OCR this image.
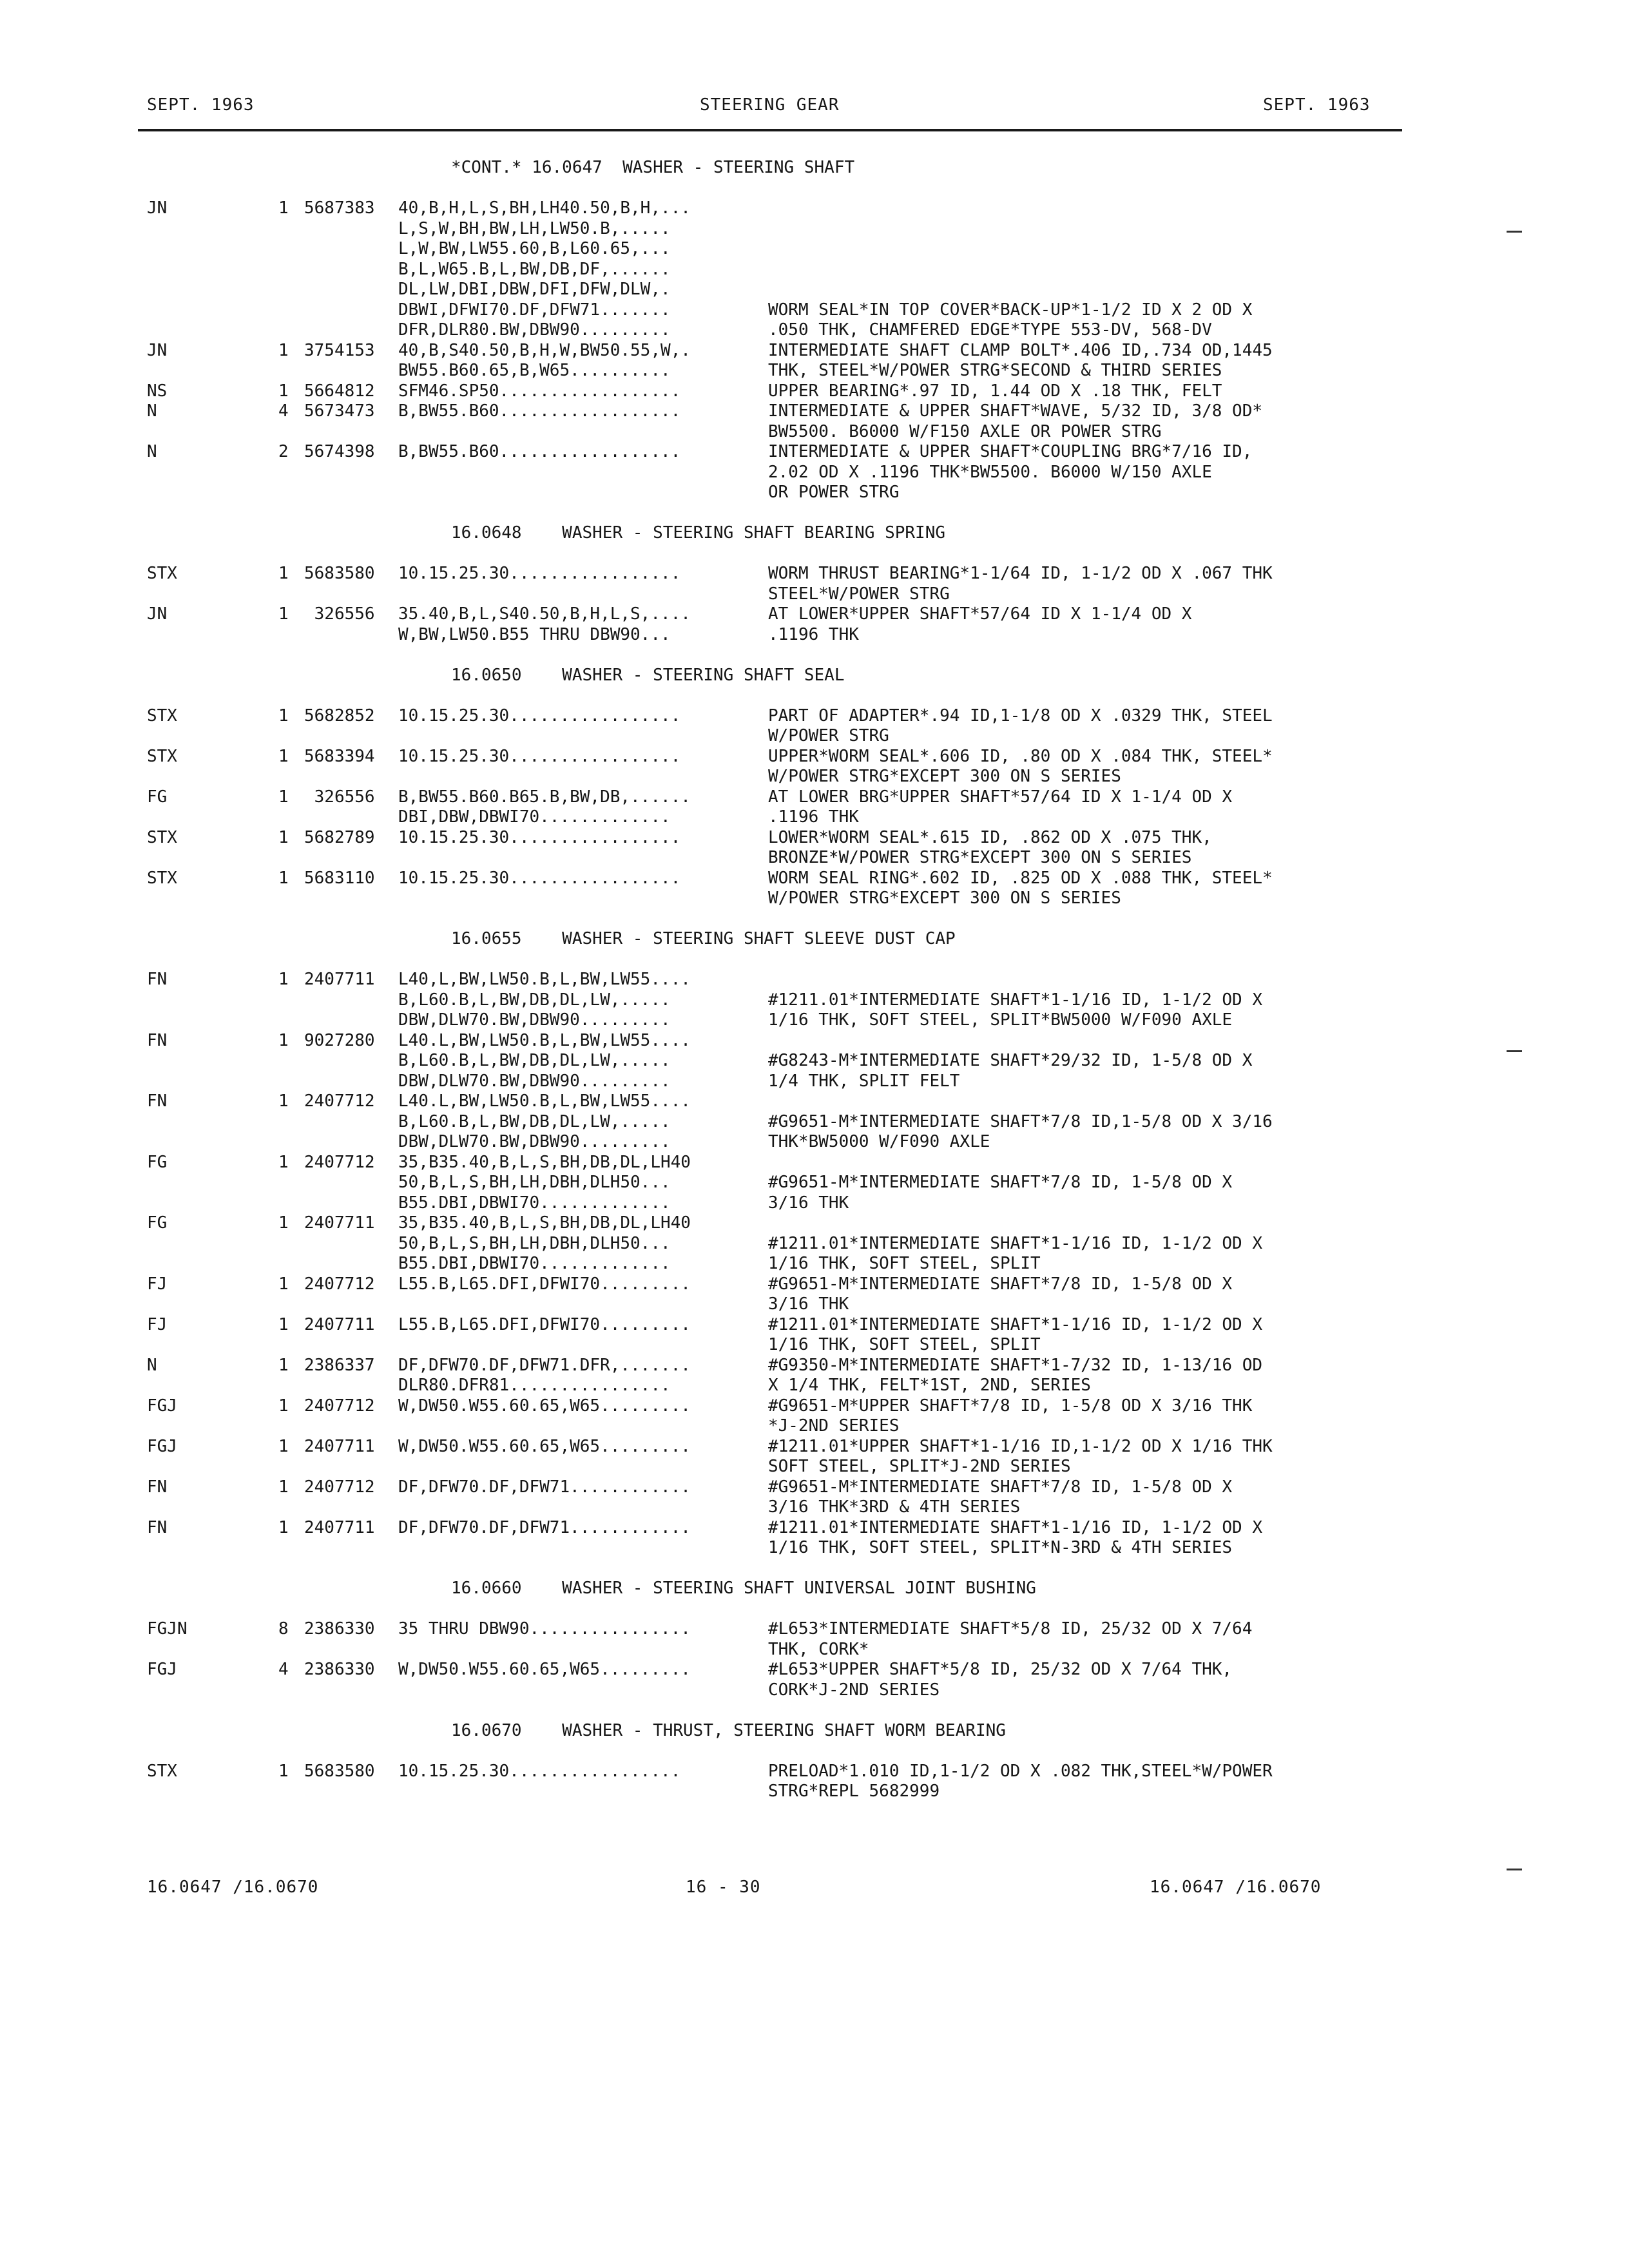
SEPT. 1963	STEERING GEAR	SEPT. 1963
*CONT.* 16.0647  WASHER - STEERING SHAFT
JN	1 5687383 40,B,H,L,S,BH,LH40.50,B,H,...
L,S,W,BH,BW,LH,LW50.B,.....
L,W,BW,LW55.60,B,L60.65,...
B,L,W65.B,L,BW,DB,DF,......
DL,LW,DBI,DBW,DFI,DFW,DLW,.
DBWI,DFWI70.DF,DFW71.......	WORM SEAL*IN TOP COVER*BACK-UP*1-1/2 ID X 2 OD X
DFR,DLR80.BW,DBW90.........	.050 THK, CHAMFERED EDGE*TYPE 553-DV, 568-DV
JN	1 3754153 40,B,S40.50,B,H,W,BW50.55,W,.	INTERMEDIATE SHAFT CLAMP BOLT*.406 ID,.734 OD,1445
BW55.B60.65,B,W65..........	THK, STEEL*W/POWER STRG*SECOND & THIRD SERIES
NS	1 5664812 SFM46.SP50..................	UPPER BEARING*.97 ID, 1.44 OD X .18 THK, FELT
N	4 5673473 B,BW55.B60..................	INTERMEDIATE & UPPER SHAFT*WAVE, 5/32 ID, 3/8 OD*
BW5500. B6000 W/F150 AXLE OR POWER STRG
N	2 5674398 B,BW55.B60..................	INTERMEDIATE & UPPER SHAFT*COUPLING BRG*7/16 ID,
2.02 OD X .1196 THK*BW5500. B6000 W/150 AXLE
OR POWER STRG
16.0648    WASHER - STEERING SHAFT BEARING SPRING
STX	1 5683580 10.15.25.30.................	WORM THRUST BEARING*1-1/64 ID, 1-1/2 OD X .067 THK
STEEL*W/POWER STRG
JN	1 326556 35.40,B,L,S40.50,B,H,L,S,....	AT LOWER*UPPER SHAFT*57/64 ID X 1-1/4 OD X
W,BW,LW50.B55 THRU DBW90...	.1196 THK
16.0650    WASHER - STEERING SHAFT SEAL
STX	1 5682852 10.15.25.30.................	PART OF ADAPTER*.94 ID,1-1/8 OD X .0329 THK, STEEL
W/POWER STRG
STX	1 5683394 10.15.25.30.................	UPPER*WORM SEAL*.606 ID, .80 OD X .084 THK, STEEL*
W/POWER STRG*EXCEPT 300 ON S SERIES
FG	1 326556 B,BW55.B60.B65.B,BW,DB,......	AT LOWER BRG*UPPER SHAFT*57/64 ID X 1-1/4 OD X
DBI,DBW,DBWI70.............	.1196 THK
STX	1 5682789 10.15.25.30.................	LOWER*WORM SEAL*.615 ID, .862 OD X .075 THK,
BRONZE*W/POWER STRG*EXCEPT 300 ON S SERIES
STX	1 5683110 10.15.25.30.................	WORM SEAL RING*.602 ID, .825 OD X .088 THK, STEEL*
W/POWER STRG*EXCEPT 300 ON S SERIES
16.0655    WASHER - STEERING SHAFT SLEEVE DUST CAP
FN	1 2407711 L40,L,BW,LW50.B,L,BW,LW55....
B,L60.B,L,BW,DB,DL,LW,.....	#1211.01*INTERMEDIATE SHAFT*1-1/16 ID, 1-1/2 OD X
DBW,DLW70.BW,DBW90.........	1/16 THK, SOFT STEEL, SPLIT*BW5000 W/F090 AXLE
FN	1 9027280 L40.L,BW,LW50.B,L,BW,LW55....
B,L60.B,L,BW,DB,DL,LW,.....	#G8243-M*INTERMEDIATE SHAFT*29/32 ID, 1-5/8 OD X
DBW,DLW70.BW,DBW90.........	1/4 THK, SPLIT FELT
FN	1 2407712 L40.L,BW,LW50.B,L,BW,LW55....
B,L60.B,L,BW,DB,DL,LW,.....	#G9651-M*INTERMEDIATE SHAFT*7/8 ID,1-5/8 OD X 3/16
DBW,DLW70.BW,DBW90.........	THK*BW5000 W/F090 AXLE
FG	1 2407712 35,B35.40,B,L,S,BH,DB,DL,LH40
50,B,L,S,BH,LH,DBH,DLH50...	#G9651-M*INTERMEDIATE SHAFT*7/8 ID, 1-5/8 OD X
B55.DBI,DBWI70.............	3/16 THK
FG	1 2407711 35,B35.40,B,L,S,BH,DB,DL,LH40
50,B,L,S,BH,LH,DBH,DLH50...	#1211.01*INTERMEDIATE SHAFT*1-1/16 ID, 1-1/2 OD X
B55.DBI,DBWI70.............	1/16 THK, SOFT STEEL, SPLIT
FJ	1 2407712 L55.B,L65.DFI,DFWI70.........	#G9651-M*INTERMEDIATE SHAFT*7/8 ID, 1-5/8 OD X
3/16 THK
FJ	1 2407711 L55.B,L65.DFI,DFWI70.........	#1211.01*INTERMEDIATE SHAFT*1-1/16 ID, 1-1/2 OD X
1/16 THK, SOFT STEEL, SPLIT
N	1 2386337 DF,DFW70.DF,DFW71.DFR,.......	#G9350-M*INTERMEDIATE SHAFT*1-7/32 ID, 1-13/16 OD
DLR80.DFR81................	X 1/4 THK, FELT*1ST, 2ND, SERIES
FGJ	1 2407712 W,DW50.W55.60.65,W65.........	#G9651-M*UPPER SHAFT*7/8 ID, 1-5/8 OD X 3/16 THK
*J-2ND SERIES
FGJ	1 2407711 W,DW50.W55.60.65,W65.........	#1211.01*UPPER SHAFT*1-1/16 ID,1-1/2 OD X 1/16 THK
SOFT STEEL, SPLIT*J-2ND SERIES
FN	1 2407712 DF,DFW70.DF,DFW71............	#G9651-M*INTERMEDIATE SHAFT*7/8 ID, 1-5/8 OD X
3/16 THK*3RD & 4TH SERIES
FN	1 2407711 DF,DFW70.DF,DFW71............	#1211.01*INTERMEDIATE SHAFT*1-1/16 ID, 1-1/2 OD X
1/16 THK, SOFT STEEL, SPLIT*N-3RD & 4TH SERIES
16.0660    WASHER - STEERING SHAFT UNIVERSAL JOINT BUSHING
FGJN	8 2386330 35 THRU DBW90................	#L653*INTERMEDIATE SHAFT*5/8 ID, 25/32 OD X 7/64
THK, CORK*
FGJ	4 2386330 W,DW50.W55.60.65,W65.........	#L653*UPPER SHAFT*5/8 ID, 25/32 OD X 7/64 THK,
CORK*J-2ND SERIES
16.0670    WASHER - THRUST, STEERING SHAFT WORM BEARING
STX	1 5683580 10.15.25.30.................	PRELOAD*1.010 ID,1-1/2 OD X .082 THK,STEEL*W/POWER
STRG*REPL 5682999
16.0647 /16.0670	16 - 30	16.0647 /16.0670
